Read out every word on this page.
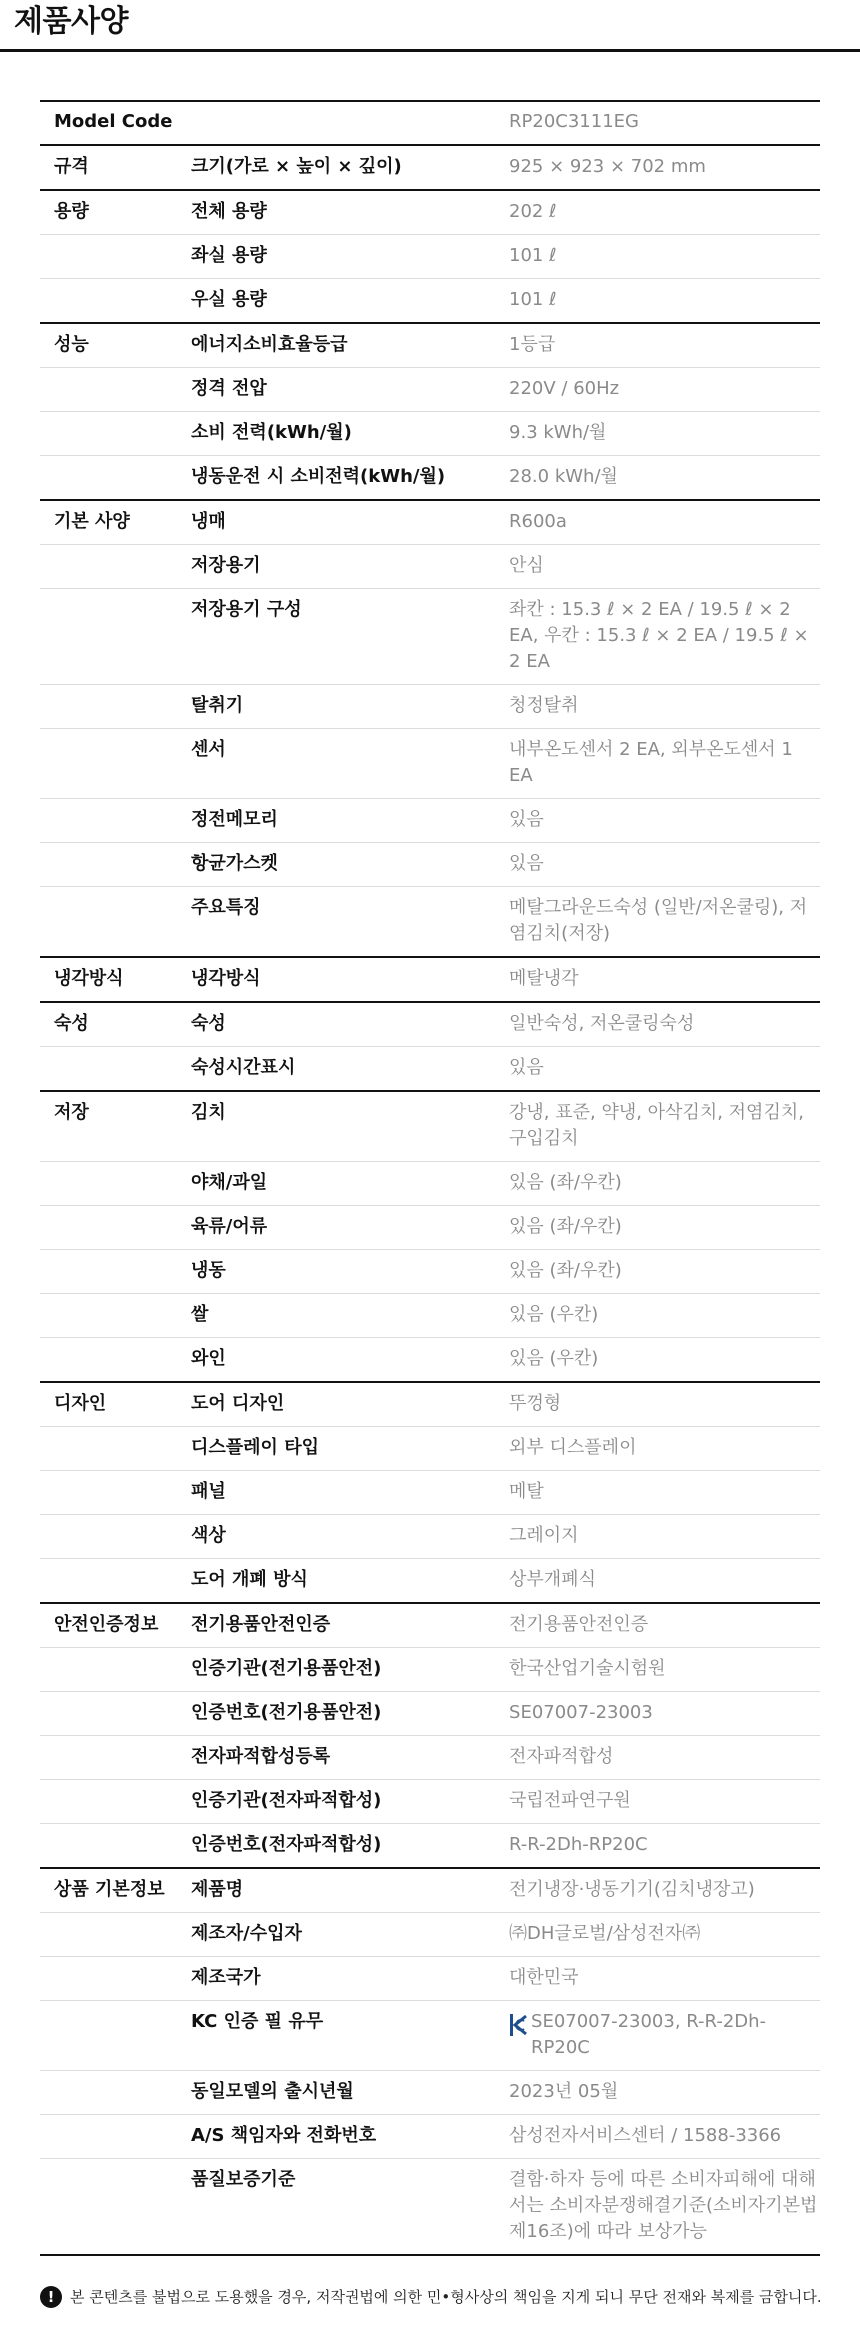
제품사양
Model Code		RP20C3111EG
규격	크기(가로 × 높이 × 깊이)	925 × 923 × 702 mm
용량	전체 용량	202 ℓ
	좌실 용량	101 ℓ
	우실 용량	101 ℓ
성능	에너지소비효율등급	1등급
	정격 전압	220V / 60Hz
	소비 전력(kWh/월)	9.3 kWh/월
	냉동운전 시 소비전력(kWh/월)	28.0 kWh/월
기본 사양	냉매	R600a
	저장용기	안심
	저장용기 구성	좌칸 : 15.3 ℓ × 2 EA / 19.5 ℓ × 2 EA, 우칸 : 15.3 ℓ × 2 EA / 19.5 ℓ × 2 EA
	탈취기	청정탈취
	센서	내부온도센서 2 EA, 외부온도센서 1 EA
	정전메모리	있음
	항균가스켓	있음
	주요특징	메탈그라운드숙성 (일반/저온쿨링), 저염김치(저장)
냉각방식	냉각방식	메탈냉각
숙성	숙성	일반숙성, 저온쿨링숙성
	숙성시간표시	있음
저장	김치	강냉, 표준, 약냉, 아삭김치, 저염김치, 구입김치
	야채/과일	있음 (좌/우칸)
	육류/어류	있음 (좌/우칸)
	냉동	있음 (좌/우칸)
	쌀	있음 (우칸)
	와인	있음 (우칸)
디자인	도어 디자인	뚜껑형
	디스플레이 타입	외부 디스플레이
	패널	메탈
	색상	그레이지
	도어 개폐 방식	상부개폐식
안전인증정보	전기용품안전인증	전기용품안전인증
	인증기관(전기용품안전)	한국산업기술시험원
	인증번호(전기용품안전)	SE07007-23003
	전자파적합성등록	전자파적합성
	인증기관(전자파적합성)	국립전파연구원
	인증번호(전자파적합성)	R-R-2Dh-RP20C
상품 기본정보	제품명	전기냉장·냉동기기(김치냉장고)
	제조자/수입자	㈜DH글로벌/삼성전자㈜
	제조국가	대한민국
	KC 인증 필 유무	SE07007-23003, R-R-2Dh-RP20C

	동일모델의 출시년월	2023년 05월
	A/S 책임자와 전화번호	삼성전자서비스센터 / 1588-3366
	품질보증기준	결함·하자 등에 따른 소비자피해에 대해서는 소비자분쟁해결기준(소비자기본법 제16조)에 따라 보상가능
!	본 콘텐츠를 불법으로 도용했을 경우, 저작권법에 의한 민•형사상의 책임을 지게 되니 무단 전재와 복제를 금합니다.
